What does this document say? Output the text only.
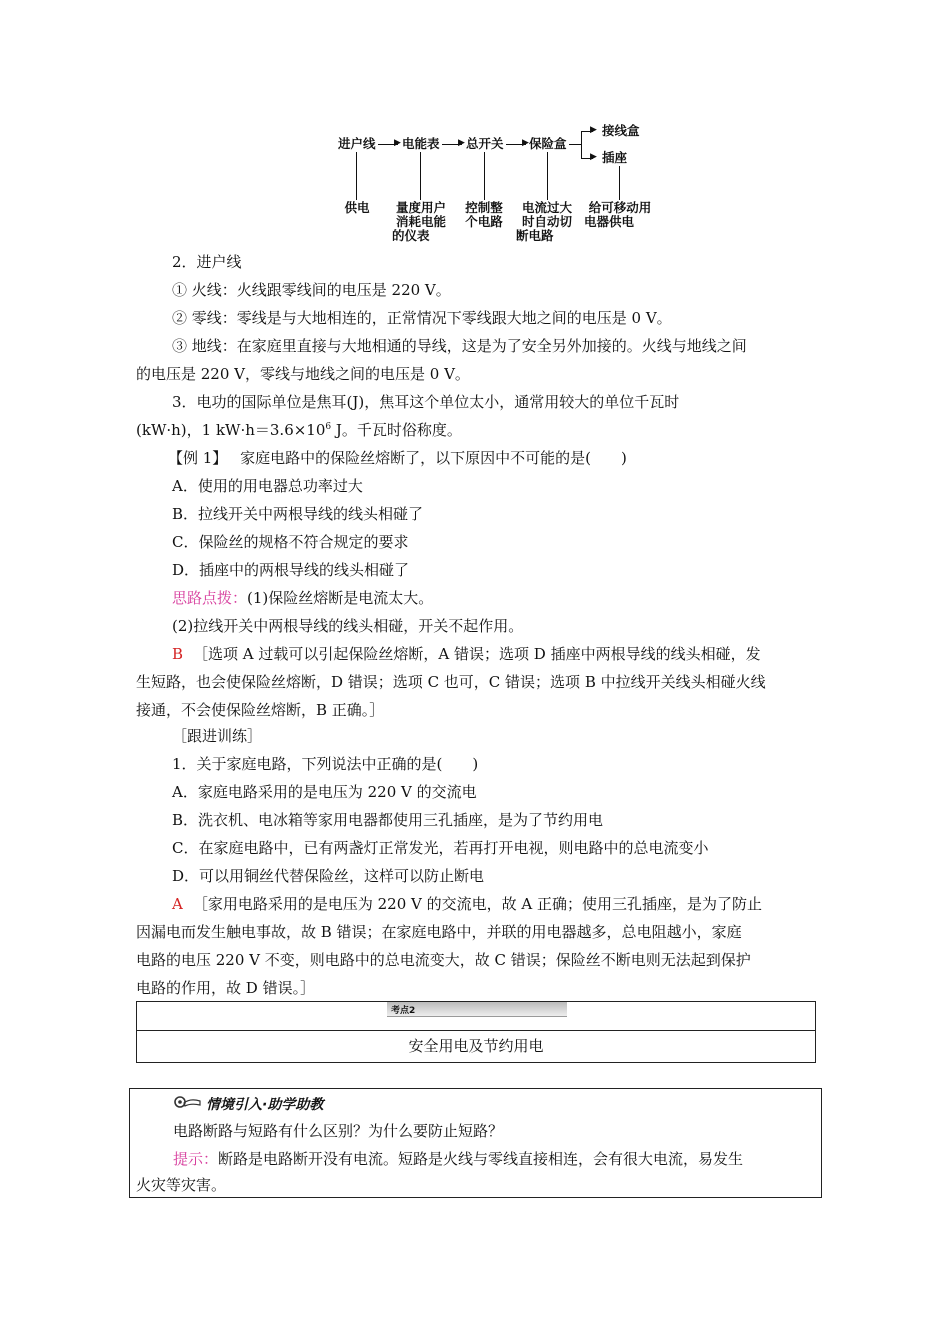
进户线 ▶ 电能表 ▶ 总开关 ▶ 保险盒
▶
▶
接线盒
插座
供电	量度用户
消耗电能
的仪表
控制整
个电路
电流过大
时自动切
断电路
给可移动用
电器供电
2．进户线
① 火线：火线跟零线间的电压是 220 V。
② 零线：零线是与大地相连的，正常情况下零线跟大地之间的电压是 0 V。
③ 地线：在家庭里直接与大地相通的导线，这是为了安全另外加接的。火线与地线之间
的电压是 220 V，零线与地线之间的电压是 0 V。
3．电功的国际单位是焦耳(J)，焦耳这个单位太小，通常用较大的单位千瓦时
(kW·h)，1 $kW\cdot h=3.6\times 10^6$ J。千瓦时俗称度。
【例 1】 家庭电路中的保险丝熔断了，以下原因中不可能的是(　　)
A．使用的用电器总功率过大
B．拉线开关中两根导线的线头相碰了
C．保险丝的规格不符合规定的要求
D．插座中的两根导线的线头相碰了
思路点拨：(1)保险丝熔断是电流太大。
(2)拉线开关中两根导线的线头相碰，开关不起作用。
B ［选项 A 过载可以引起保险丝熔断，A 错误；选项 D 插座中两根导线的线头相碰，发
生短路，也会使保险丝熔断，D 错误；选项 C 也可，C 错误；选项 B 中拉线开关线头相碰火线
接通，不会使保险丝熔断，B 正确。］
［跟进训练］
1．关于家庭电路，下列说法中正确的是(　　)
A．家庭电路采用的是电压为 220 V 的交流电
B．洗衣机、电冰箱等家用电器都使用三孔插座，是为了节约用电
C．在家庭电路中，已有两盏灯正常发光，若再打开电视，则电路中的总电流变小
D．可以用铜丝代替保险丝，这样可以防止断电
A ［家用电路采用的是电压为 220 V 的交流电，故 A 正确；使用三孔插座，是为了防止
因漏电而发生触电事故，故 B 错误；在家庭电路中，并联的用电器越多，总电阻越小，家庭
电路的电压 220 V 不变，则电路中的总电流变大，故 C 错误；保险丝不断电则无法起到保护
电路的作用，故 D 错误。］
考点2
安全用电及节约用电
情境引入·助学助教
电路断路与短路有什么区别？为什么要防止短路？
提示：断路是电路断开没有电流。短路是火线与零线直接相连，会有很大电流，易发生
火灾等灾害。
